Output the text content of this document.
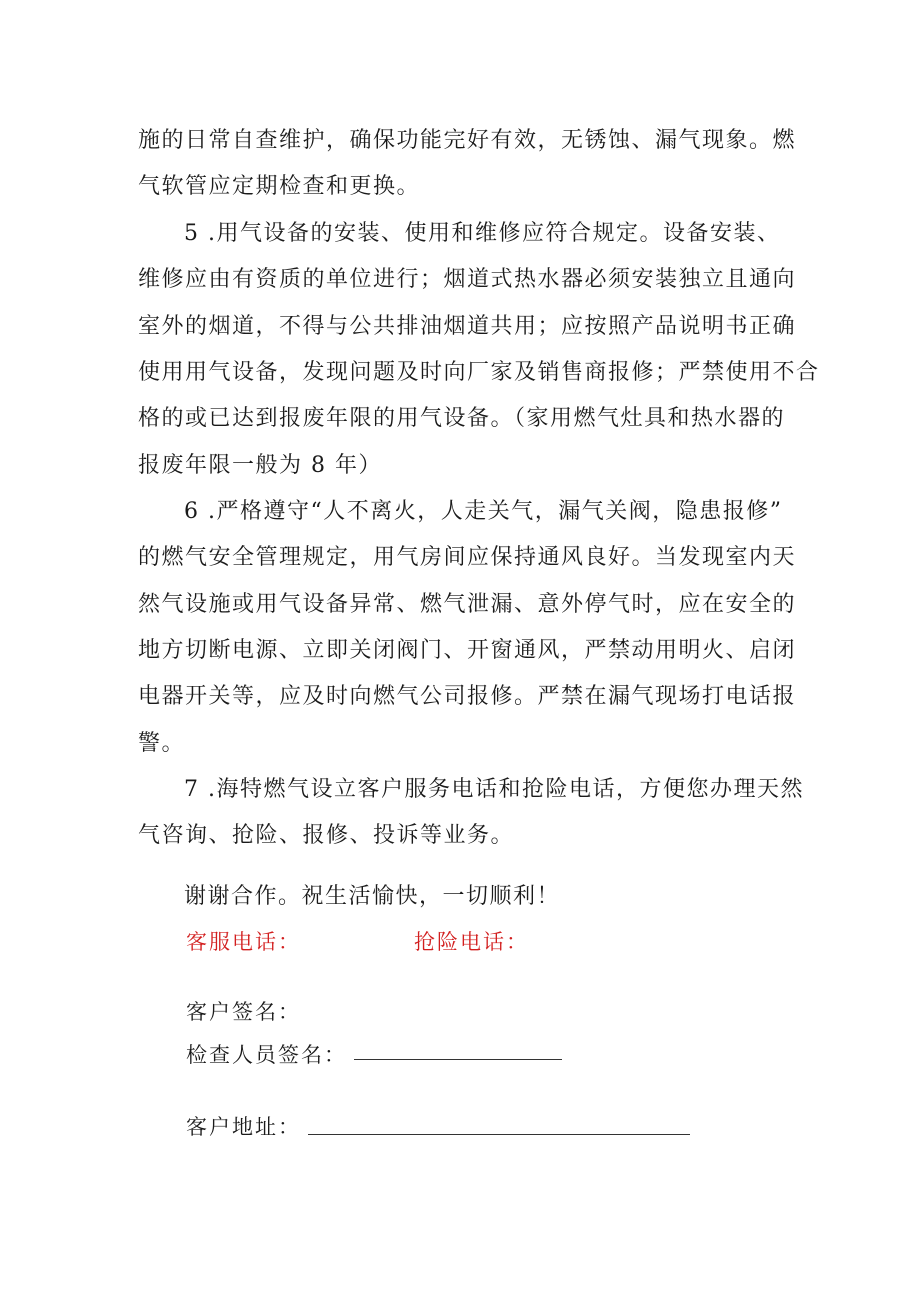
施的日常自查维护，确保功能完好有效，无锈蚀、漏气现象。燃
气软管应定期检查和更换。
5 .用气设备的安装、使用和维修应符合规定。设备安装、
维修应由有资质的单位进行；烟道式热水器必须安装独立且通向
室外的烟道，不得与公共排油烟道共用；应按照产品说明书正确
使用用气设备，发现问题及时向厂家及销售商报修；严禁使用不合
格的或已达到报废年限的用气设备。（家用燃气灶具和热水器的
报废年限一般为 8 年）
6 .严格遵守“人不离火，人走关气，漏气关阀，隐患报修”
的燃气安全管理规定，用气房间应保持通风良好。当发现室内天
然气设施或用气设备异常、燃气泄漏、意外停气时，应在安全的
地方切断电源、立即关闭阀门、开窗通风，严禁动用明火、启闭
电器开关等，应及时向燃气公司报修。严禁在漏气现场打电话报
警。
7 .海特燃气设立客户服务电话和抢险电话，方便您办理天然
气咨询、抢险、报修、投诉等业务。
谢谢合作。祝生活愉快，一切顺利！
客服电话：	抢险电话：
客户签名：
检查人员签名：
客户地址：
